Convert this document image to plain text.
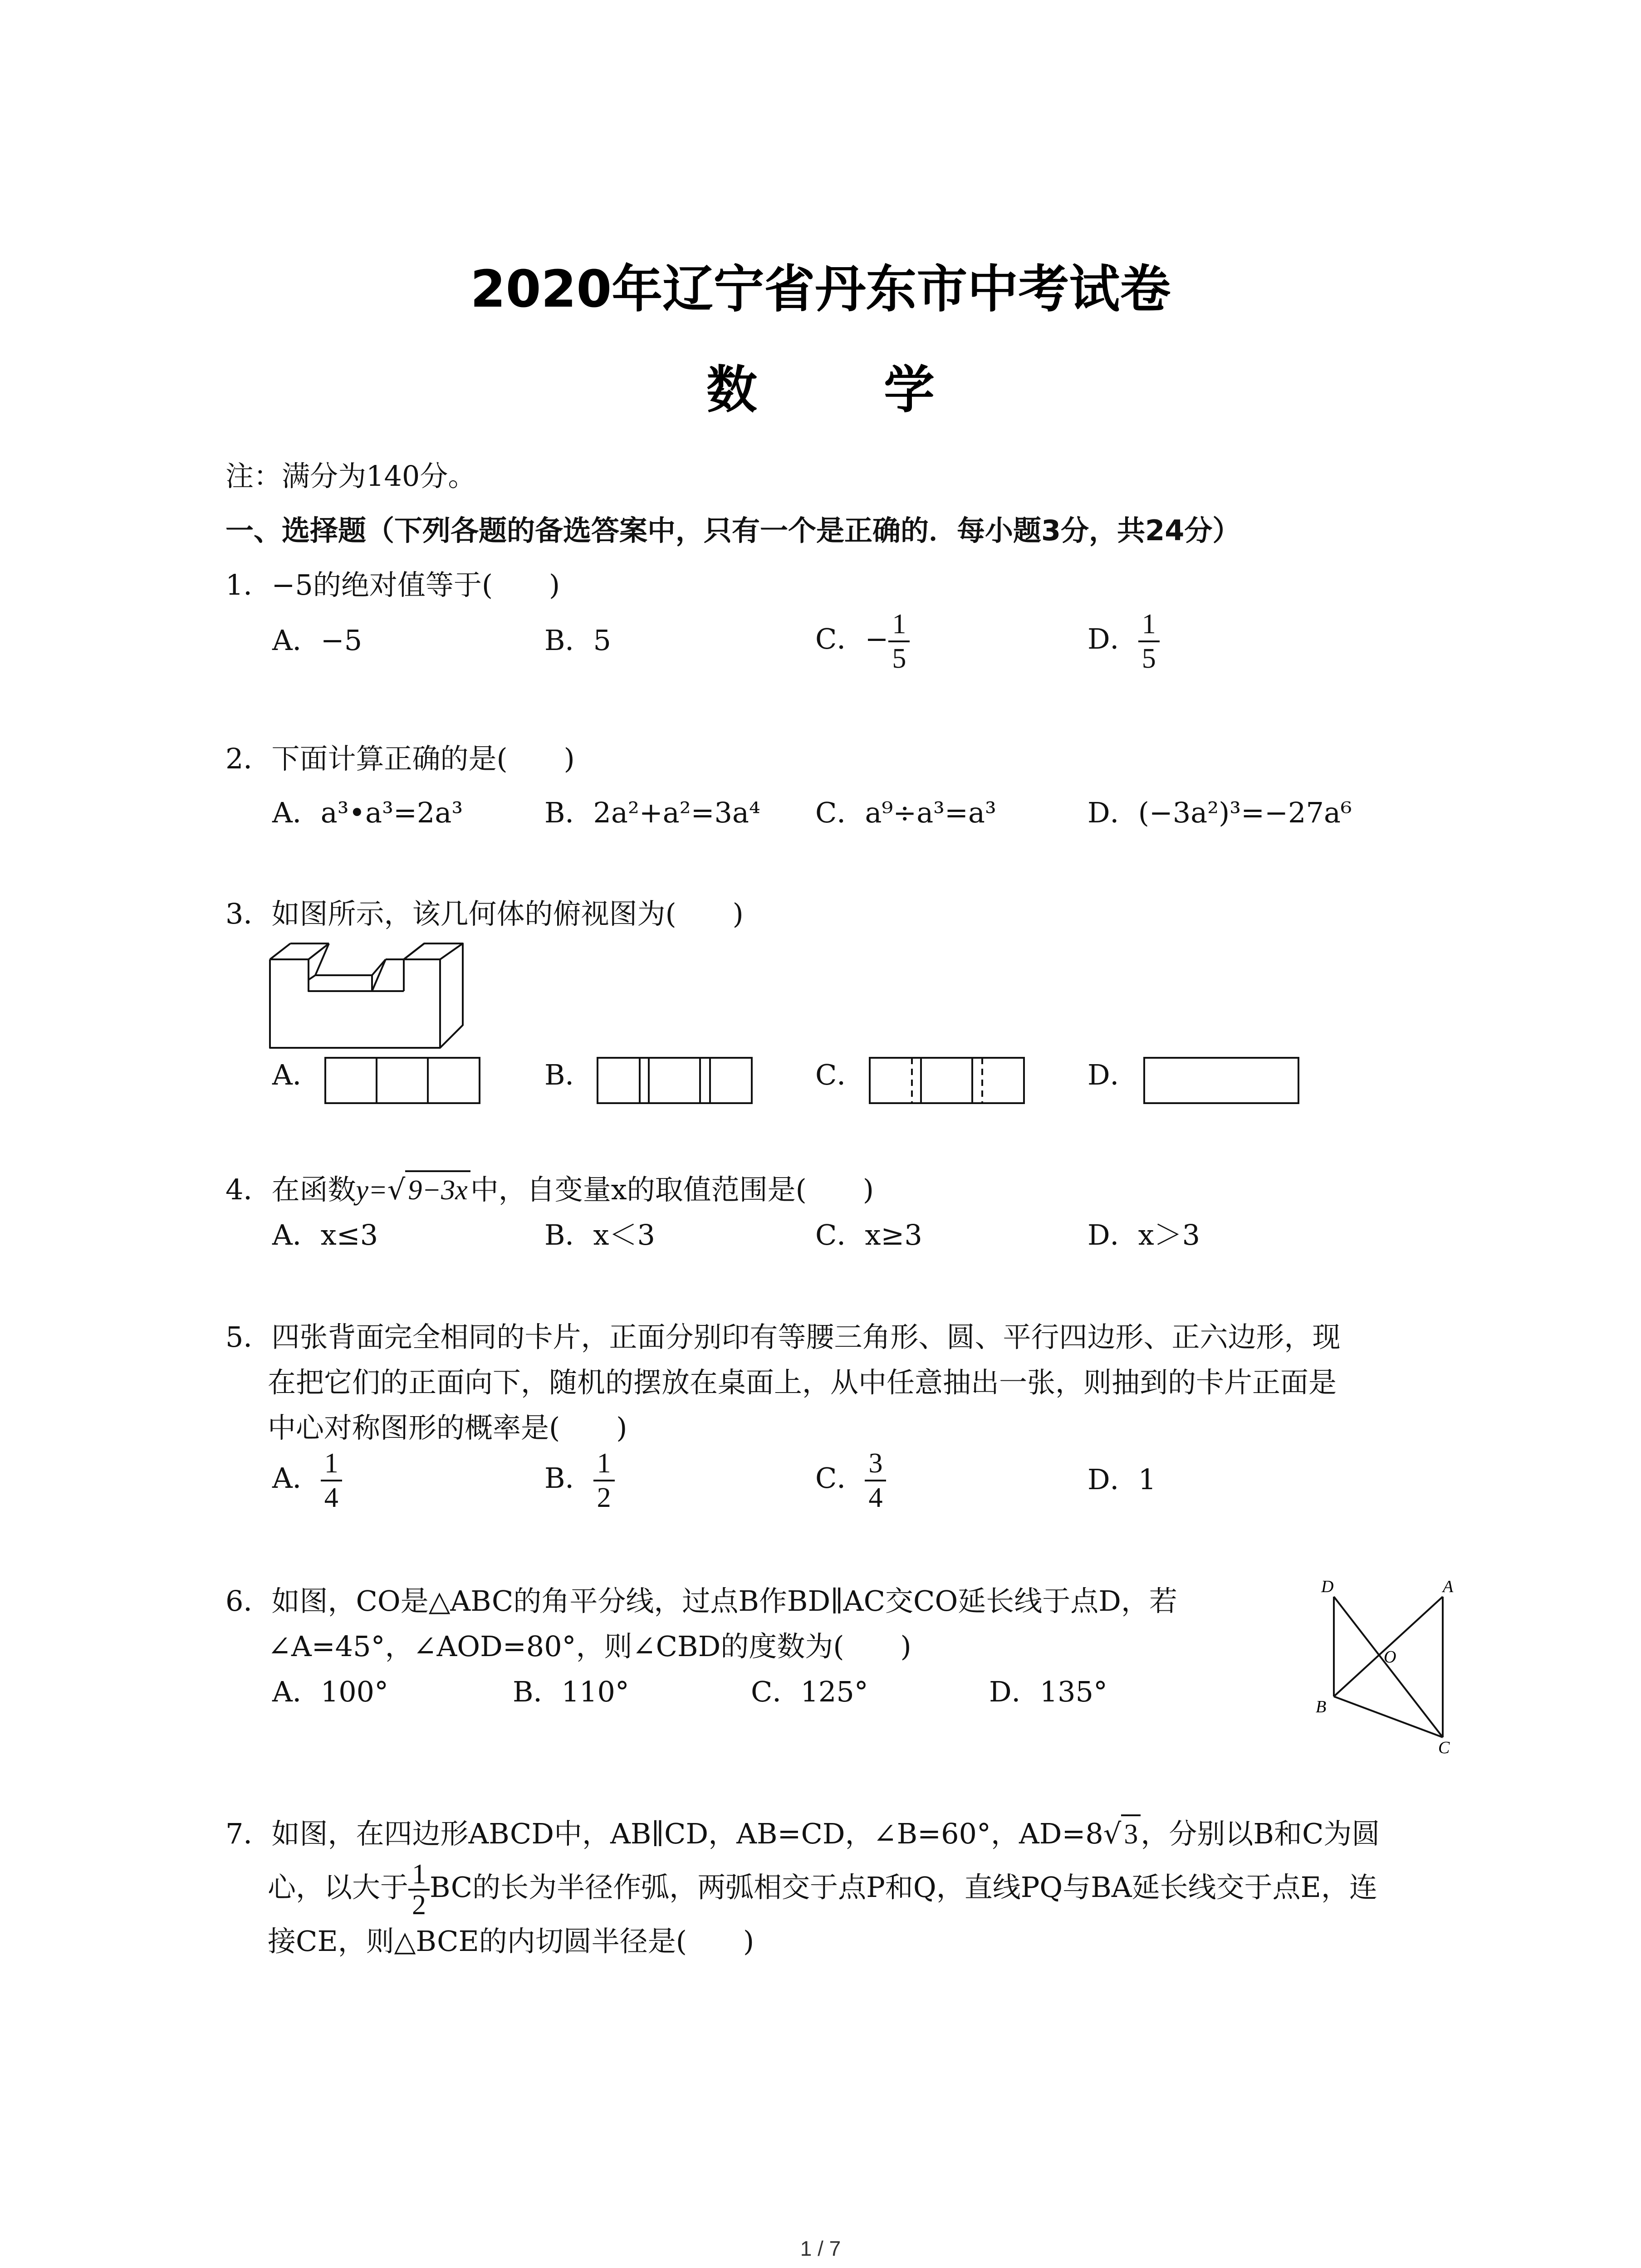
2020年辽宁省丹东市中考试卷
数 学
注：满分为140分。
一、选择题（下列各题的备选答案中，只有一个是正确的．每小题3分，共24分）
1．−5的绝对值等于(　　)
A．−5	B．5	C．− $\frac{1}{5}$	D． $\frac{1}{5}$
2．下面计算正确的是(　　)
A．a³•a³=2a³	B．2a²+a²=3a⁴ C．a⁹÷a³=a³	D．(−3a²)³=−27a⁶
3．如图所示，该几何体的俯视图为(　　)
A．	B．	C．	D．
4．在函数y=√9−3x中，自变量x的取值范围是(　　)
A．x≤3	B．x＜3	C．x≥3	D．x＞3
5．四张背面完全相同的卡片，正面分别印有等腰三角形、圆、平行四边形、正六边形，现
在把它们的正面向下，随机的摆放在桌面上，从中任意抽出一张，则抽到的卡片正面是
中心对称图形的概率是(　　)
A． $\frac{1}{4}$	B． $\frac{1}{2}$	C． $\frac{3}{4}$	D．1
6．如图，CO是△ABC的角平分线，过点B作BD∥AC交CO延长线于点D，若
∠A=45°，∠AOD=80°，则∠CBD的度数为(　　)
A．100°	B．110°	C．125°	D．135°
D	A
O
B
C
7．如图，在四边形ABCD中，AB∥CD，AB=CD，∠B=60°，AD=8√3，分别以B和C为圆
心，以大于 $\frac{1}{2}$ BC的长为半径作弧，两弧相交于点P和Q，直线PQ与BA延长线交于点E，连
接CE，则△BCE的内切圆半径是(　　)
1 / 7
